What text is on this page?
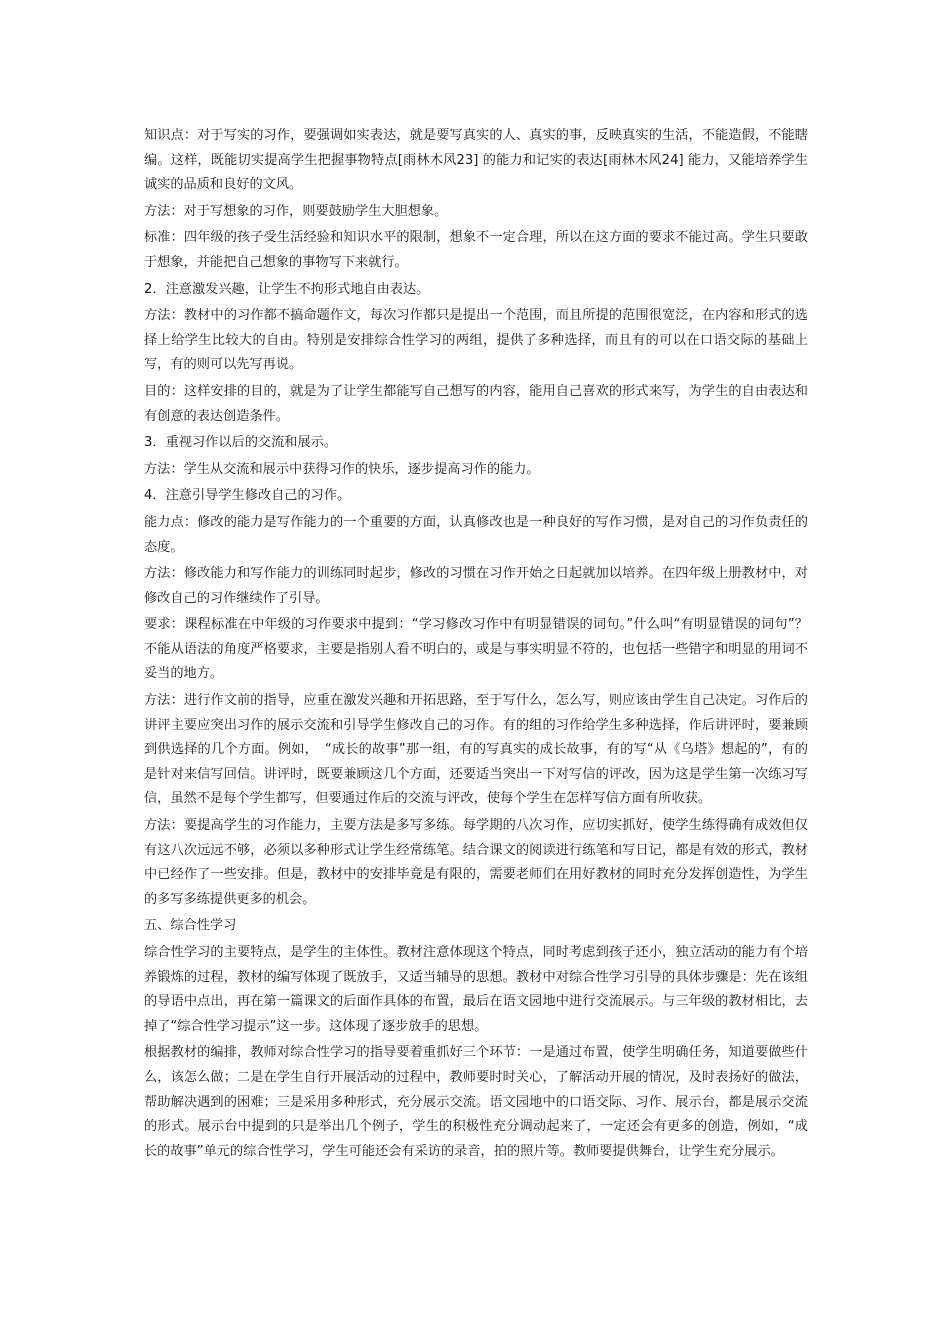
知识点：对于写实的习作，要强调如实表达，就是要写真实的人、真实的事，反映真实的生活，不能造假，不能瞎编。这样，既能切实提高学生把握事物特点[雨林木风23] 的能力和记实的表达[雨林木风24] 能力，又能培养学生诚实的品质和良好的文风。

方法：对于写想象的习作，则要鼓励学生大胆想象。

标准：四年级的孩子受生活经验和知识水平的限制，想象不一定合理，所以在这方面的要求不能过高。学生只要敢于想象，并能把自己想象的事物写下来就行。

2．注意激发兴趣，让学生不拘形式地自由表达。

方法：教材中的习作都不搞命题作文，每次习作都只是提出一个范围，而且所提的范围很宽泛，在内容和形式的选择上给学生比较大的自由。特别是安排综合性学习的两组，提供了多种选择，而且有的可以在口语交际的基础上写，有的则可以先写再说。

目的：这样安排的目的，就是为了让学生都能写自己想写的内容，能用自己喜欢的形式来写，为学生的自由表达和有创意的表达创造条件。

3．重视习作以后的交流和展示。

方法：学生从交流和展示中获得习作的快乐，逐步提高习作的能力。

4．注意引导学生修改自己的习作。

能力点：修改的能力是写作能力的一个重要的方面，认真修改也是一种良好的写作习惯，是对自己的习作负责任的态度。

方法：修改能力和写作能力的训练同时起步，修改的习惯在习作开始之日起就加以培养。在四年级上册教材中，对修改自己的习作继续作了引导。

要求：课程标准在中年级的习作要求中提到：“学习修改习作中有明显错误的词句。”什么叫“有明显错误的词句”？不能从语法的角度严格要求，主要是指别人看不明白的，或是与事实明显不符的，也包括一些错字和明显的用词不妥当的地方。

方法：进行作文前的指导，应重在激发兴趣和开拓思路，至于写什么，怎么写，则应该由学生自己决定。习作后的讲评主要应突出习作的展示交流和引导学生修改自己的习作。有的组的习作给学生多种选择，作后讲评时，要兼顾到供选择的几个方面。例如，　“成长的故事”那一组，有的写真实的成长故事，有的写“从《乌塔》想起的”，有的是针对来信写回信。讲评时，既要兼顾这几个方面，还要适当突出一下对写信的评改，因为这是学生第一次练习写信，虽然不是每个学生都写，但要通过作后的交流与评改，使每个学生在怎样写信方面有所收获。

方法：要提高学生的习作能力，主要方法是多写多练。每学期的八次习作，应切实抓好，使学生练得确有成效但仅有这八次远远不够，必须以多种形式让学生经常练笔。结合课文的阅读进行练笔和写日记，都是有效的形式，教材中已经作了一些安排。但是，教材中的安排毕竟是有限的，需要老师们在用好教材的同时充分发挥创造性，为学生的多写多练提供更多的机会。

五、综合性学习

综合性学习的主要特点，是学生的主体性。教材注意体现这个特点，同时考虑到孩子还小，独立活动的能力有个培养锻炼的过程，教材的编写体现了既放手，又适当辅导的思想。教材中对综合性学习引导的具体步骤是：先在该组的导语中点出，再在第一篇课文的后面作具体的布置，最后在语文园地中进行交流展示。与三年级的教材相比，去掉了“综合性学习提示”这一步。这体现了逐步放手的思想。

根据教材的编排，教师对综合性学习的指导要着重抓好三个环节：一是通过布置，使学生明确任务，知道要做些什么，该怎么做；二是在学生自行开展活动的过程中，教师要时时关心，了解活动开展的情况，及时表扬好的做法，帮助解决遇到的困难；三是采用多种形式，充分展示交流。语文园地中的口语交际、习作、展示台，都是展示交流的形式。展示台中提到的只是举出几个例子，学生的积极性充分调动起来了，一定还会有更多的创造，例如，“成长的故事”单元的综合性学习，学生可能还会有采访的录音，拍的照片等。教师要提供舞台，让学生充分展示。
